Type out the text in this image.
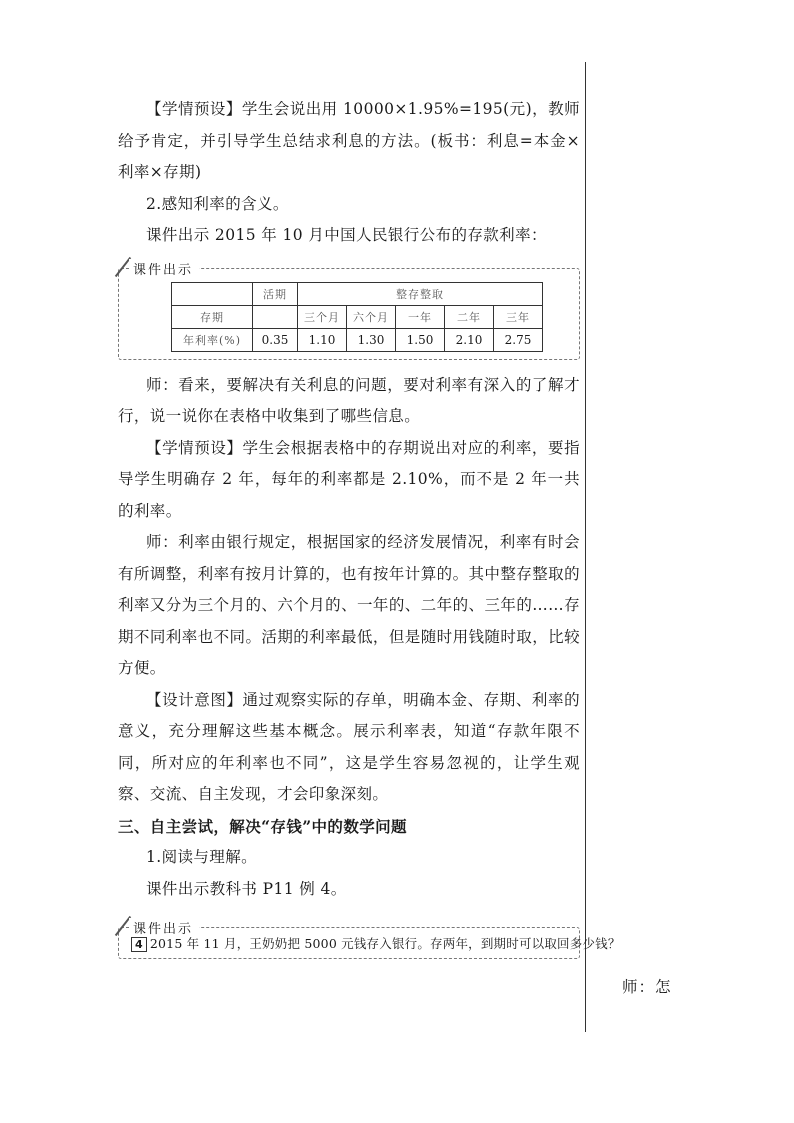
【学情预设】学生会说出用 10000×1.95%=195(元)，教师给予肯定，并引导学生总结求利息的方法。(板书：利息=本金×利率×存期)

2.感知利率的含义。

课件出示 2015 年 10 月中国人民银行公布的存款利率：

课件出示
	活期	整存整取				
存期		三个月	六个月	一年	二年	三年
年利率(%)	0.35	1.10	1.30	1.50	2.10	2.75

师：看来，要解决有关利息的问题，要对利率有深入的了解才行，说一说你在表格中收集到了哪些信息。

【学情预设】学生会根据表格中的存期说出对应的利率，要指导学生明确存 2 年，每年的利率都是 2.10%，而不是 2 年一共的利率。

师：利率由银行规定，根据国家的经济发展情况，利率有时会有所调整，利率有按月计算的，也有按年计算的。其中整存整取的利率又分为三个月的、六个月的、一年的、二年的、三年的……存期不同利率也不同。活期的利率最低，但是随时用钱随时取，比较方便。

【设计意图】通过观察实际的存单，明确本金、存期、利率的意义，充分理解这些基本概念。展示利率表，知道“存款年限不同，所对应的年利率也不同”，这是学生容易忽视的，让学生观察、交流、自主发现，才会印象深刻。

三、自主尝试，解决“存钱”中的数学问题

1.阅读与理解。

课件出示教科书 P11 例 4。

课件出示
4 2015 年 11 月，王奶奶把 5000 元钱存入银行。存两年，到期时可以取回多少钱？
师：怎
